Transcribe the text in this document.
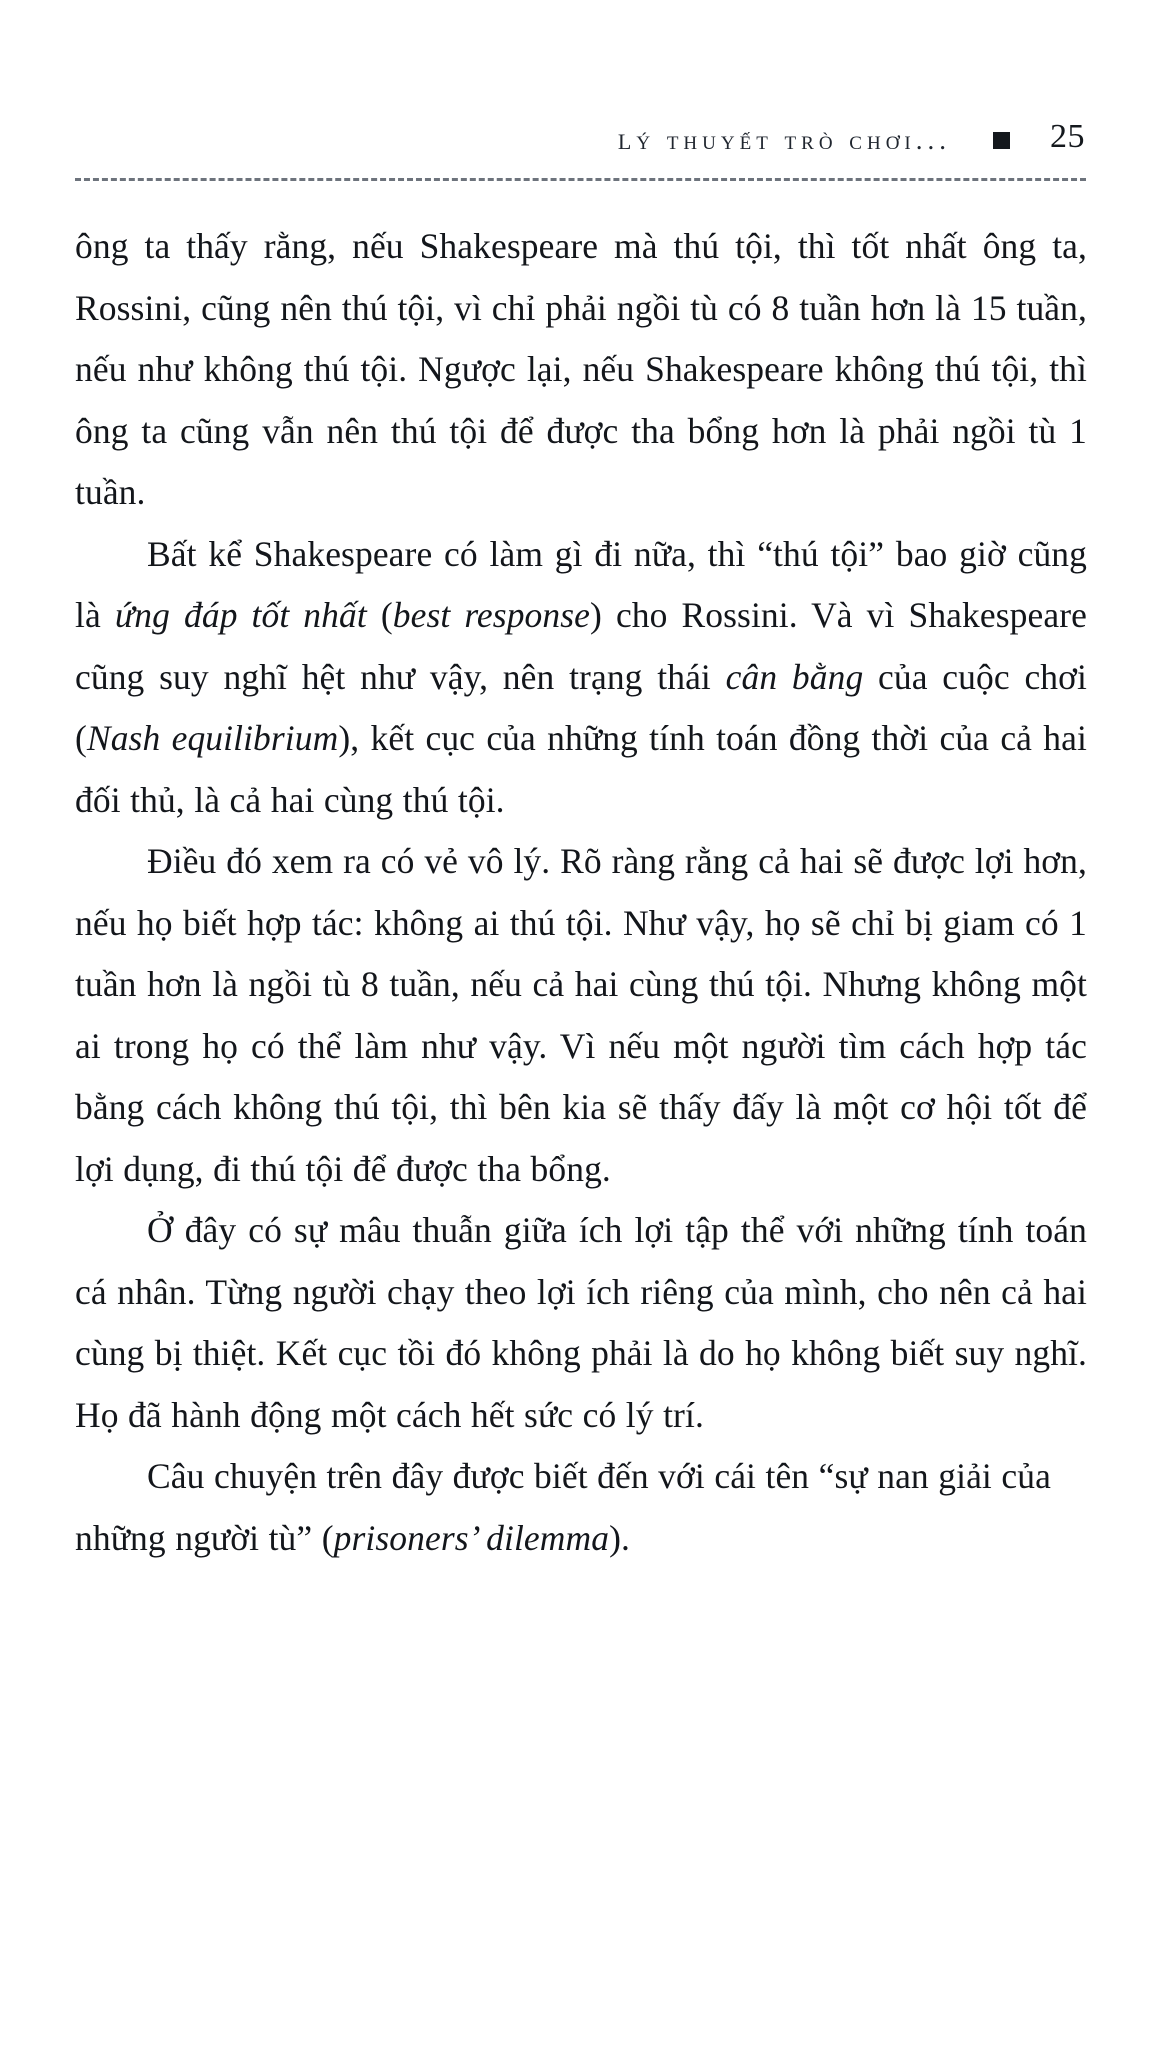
lý thuyết trò chơi...	25

ông ta thấy rằng, nếu Shakespeare mà thú tội, thì tốt nhất ông ta, Rossini, cũng nên thú tội, vì chỉ phải ngồi tù có 8 tuần hơn là 15 tuần, nếu như không thú tội. Ngược lại, nếu Shakespeare không thú tội, thì ông ta cũng vẫn nên thú tội để được tha bổng hơn là phải ngồi tù 1 tuần.

Bất kể Shakespeare có làm gì đi nữa, thì “thú tội” bao giờ cũng là ứng đáp tốt nhất (best response) cho Rossini. Và vì Shakespeare cũng suy nghĩ hệt như vậy, nên trạng thái cân bằng của cuộc chơi (Nash equilibrium), kết cục của những tính toán đồng thời của cả hai đối thủ, là cả hai cùng thú tội.

Điều đó xem ra có vẻ vô lý. Rõ ràng rằng cả hai sẽ được lợi hơn, nếu họ biết hợp tác: không ai thú tội. Như vậy, họ sẽ chỉ bị giam có 1 tuần hơn là ngồi tù 8 tuần, nếu cả hai cùng thú tội. Nhưng không một ai trong họ có thể làm như vậy. Vì nếu một người tìm cách hợp tác bằng cách không thú tội, thì bên kia sẽ thấy đấy là một cơ hội tốt để lợi dụng, đi thú tội để được tha bổng.

Ở đây có sự mâu thuẫn giữa ích lợi tập thể với những tính toán cá nhân. Từng người chạy theo lợi ích riêng của mình, cho nên cả hai cùng bị thiệt. Kết cục tồi đó không phải là do họ không biết suy nghĩ. Họ đã hành động một cách hết sức có lý trí.

Câu chuyện trên đây được biết đến với cái tên “sự nan giải của những người tù” (prisoners’ dilemma).
